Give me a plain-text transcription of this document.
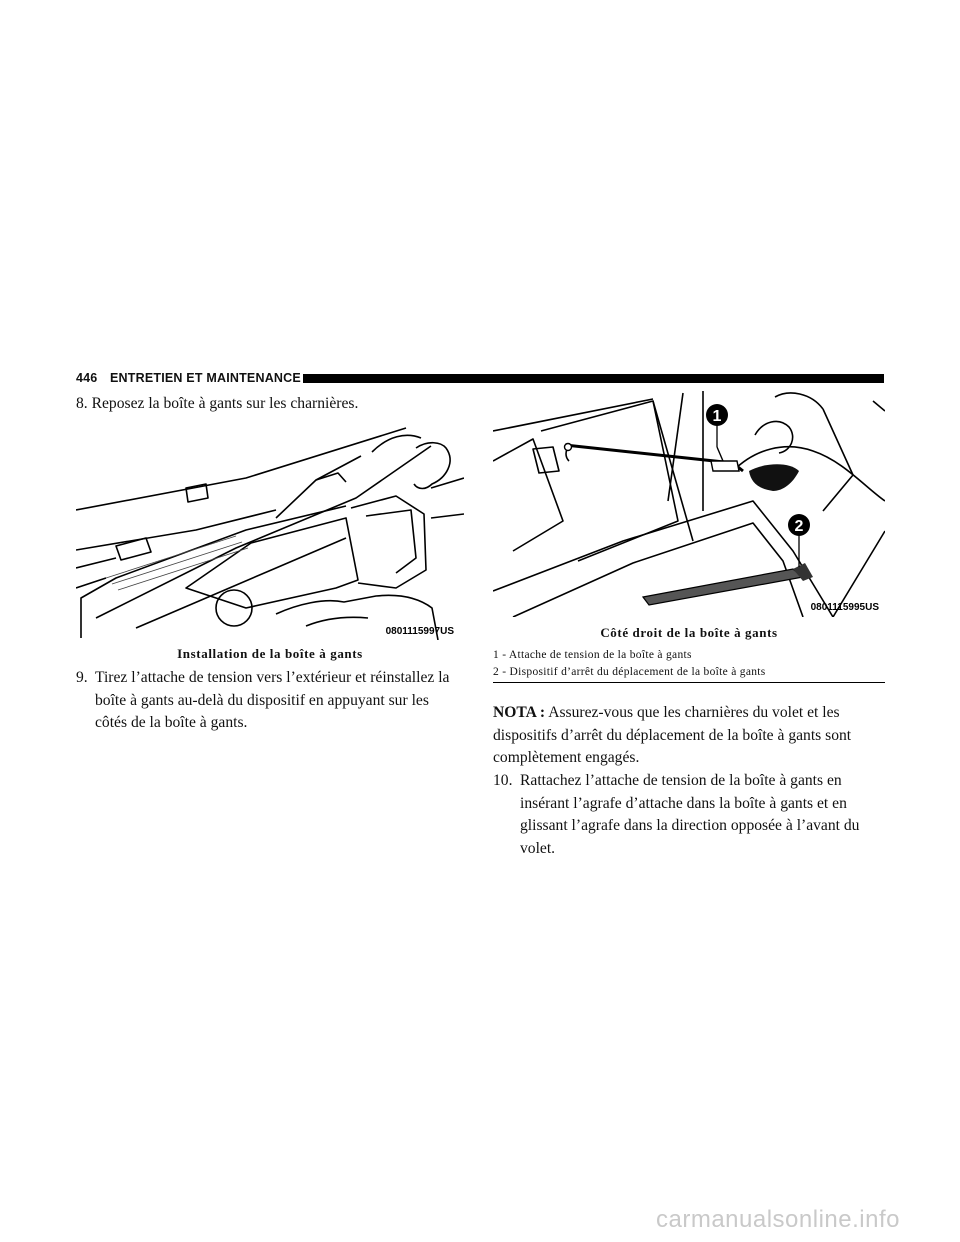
446 ENTRETIEN ET MAINTENANCE
8. Reposez la boîte à gants sur les charnières.
0801115997US
Installation de la boîte à gants
9. Tirez l’attache de tension vers l’extérieur et réinstallez la
boîte à gants au-delà du dispositif en appuyant sur les
côtés de la boîte à gants.
1
2
0801115995US
Côté droit de la boîte à gants
1 - Attache de tension de la boîte à gants
2 - Dispositif d’arrêt du déplacement de la boîte à gants
NOTA : Assurez-vous que les charnières du volet et les
dispositifs d’arrêt du déplacement de la boîte à gants sont
complètement engagés.
10. Rattachez l’attache de tension de la boîte à gants en
insérant l’agrafe d’attache dans la boîte à gants et en
glissant l’agrafe dans la direction opposée à l’avant du
volet.
carmanualsonline.info
